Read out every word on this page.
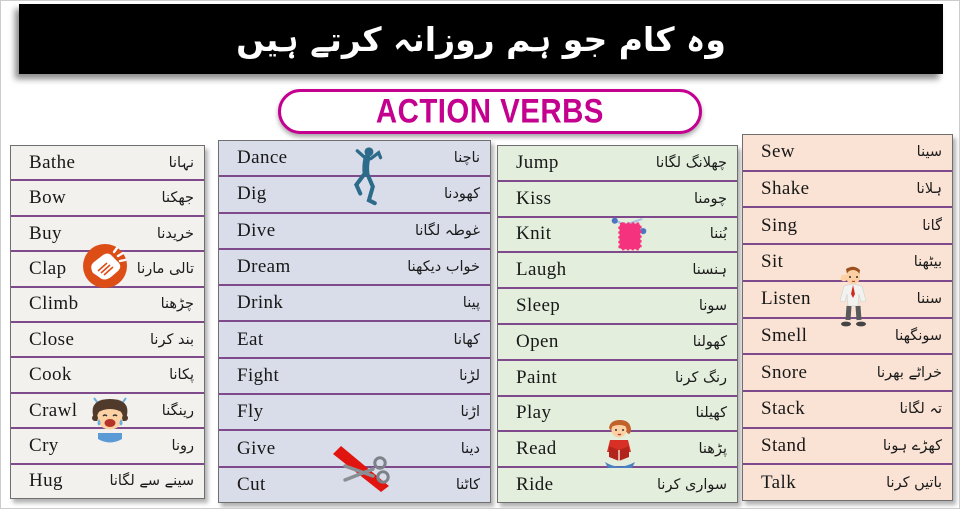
وہ کام جو ہم روزانہ کرتے ہیں
ACTION VERBS
Bathe	نہانا
Bow	جھکنا
Buy	خریدنا
Clap	تالی مارنا
Climb	چڑھنا
Close	بند کرنا
Cook	پکانا
Crawl	رینگنا
Cry	رونا
Hug	سینے سے لگانا
Dance	ناچنا
Dig	کھودنا
Dive	غوطہ لگانا
Dream	خواب دیکھنا
Drink	پینا
Eat	کھانا
Fight	لڑنا
Fly	اڑنا
Give	دینا
Cut	کاٹنا
Jump	چھلانگ لگانا
Kiss	چومنا
Knit	بُننا
Laugh	ہنسنا
Sleep	سونا
Open	کھولنا
Paint	رنگ کرنا
Play	کھیلنا
Read	پڑھنا
Ride	سواری کرنا
Sew	سینا
Shake	ہلانا
Sing	گانا
Sit	بیٹھنا
Listen	سننا
Smell	سونگھنا
Snore	خراٹے بھرنا
Stack	تہ لگانا
Stand	کھڑے ہونا
Talk	باتیں کرنا
